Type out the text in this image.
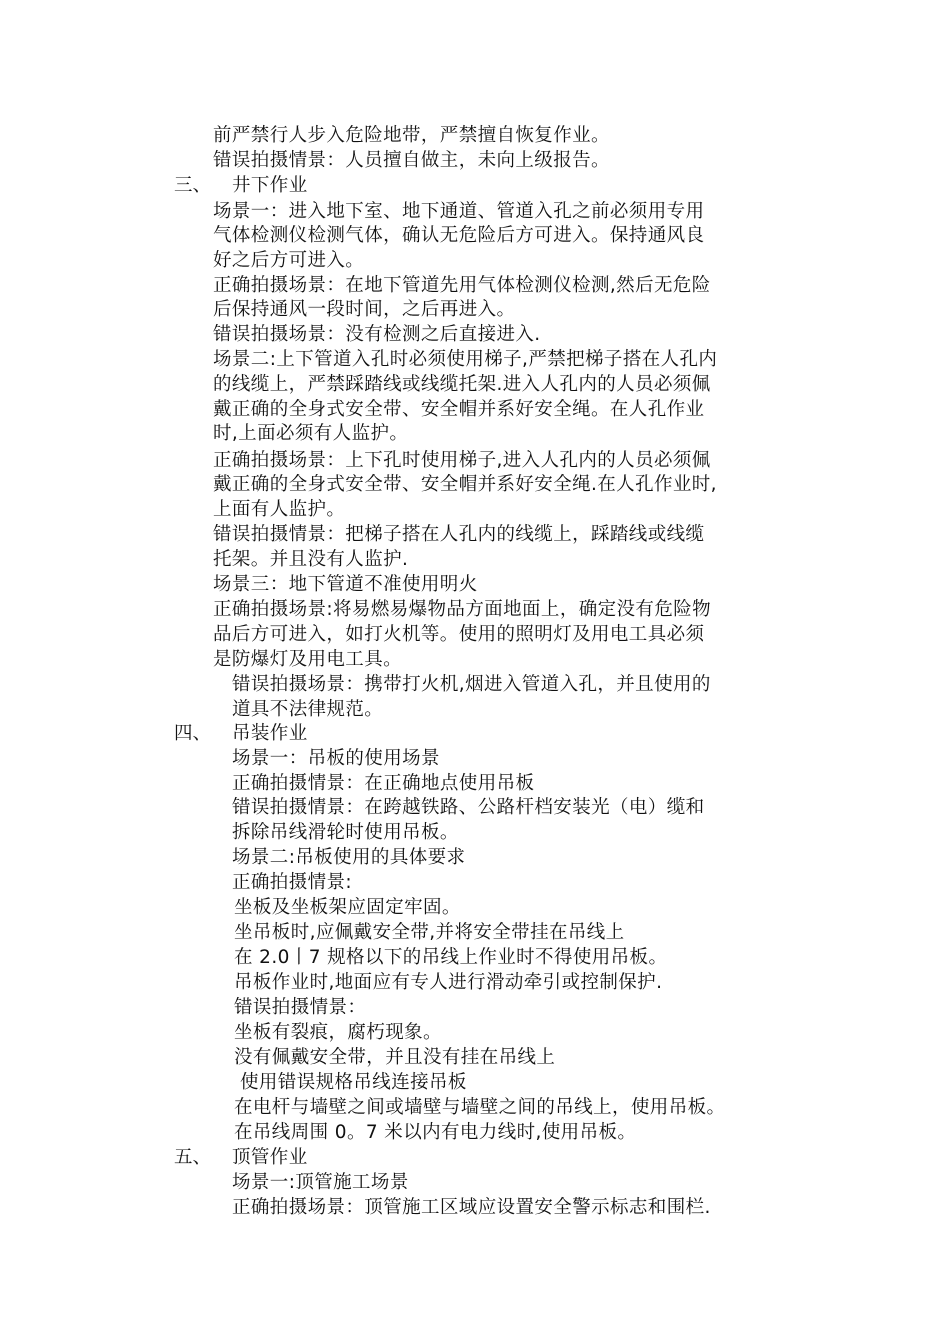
前严禁行人步入危险地带，严禁擅自恢复作业。
错误拍摄情景：人员擅自做主，未向上级报告。
三、 井下作业
场景一：进入地下室、地下通道、管道入孔之前必须用专用
气体检测仪检测气体，确认无危险后方可进入。保持通风良
好之后方可进入。
正确拍摄场景：在地下管道先用气体检测仪检测,然后无危险
后保持通风一段时间，之后再进入。
错误拍摄场景：没有检测之后直接进入.
场景二:上下管道入孔时必须使用梯子,严禁把梯子搭在人孔内
的线缆上，严禁踩踏线或线缆托架.进入人孔内的人员必须佩
戴正确的全身式安全带、安全帽并系好安全绳。在人孔作业
时,上面必须有人监护。
正确拍摄场景：上下孔时使用梯子,进入人孔内的人员必须佩
戴正确的全身式安全带、安全帽并系好安全绳.在人孔作业时,
上面有人监护。
错误拍摄情景：把梯子搭在人孔内的线缆上，踩踏线或线缆
托架。并且没有人监护.
场景三：地下管道不准使用明火
正确拍摄场景:将易燃易爆物品方面地面上，确定没有危险物
品后方可进入，如打火机等。使用的照明灯及用电工具必须
是防爆灯及用电工具。
错误拍摄场景：携带打火机,烟进入管道入孔，并且使用的
道具不法律规范。
四、 吊装作业
场景一：吊板的使用场景
正确拍摄情景：在正确地点使用吊板
错误拍摄情景：在跨越铁路、公路杆档安装光（电）缆和
拆除吊线滑轮时使用吊板。
场景二:吊板使用的具体要求
正确拍摄情景:
坐板及坐板架应固定牢固。
坐吊板时,应佩戴安全带,并将安全带挂在吊线上
在 2.0丨7 规格以下的吊线上作业时不得使用吊板。
吊板作业时,地面应有专人进行滑动牵引或控制保护.
错误拍摄情景：
坐板有裂痕，腐朽现象。
没有佩戴安全带，并且没有挂在吊线上
使用错误规格吊线连接吊板
在电杆与墙壁之间或墙壁与墙壁之间的吊线上，使用吊板。
在吊线周围 0。7 米以内有电力线时,使用吊板。
五、 顶管作业
场景一:顶管施工场景
正确拍摄场景：顶管施工区域应设置安全警示标志和围栏.
